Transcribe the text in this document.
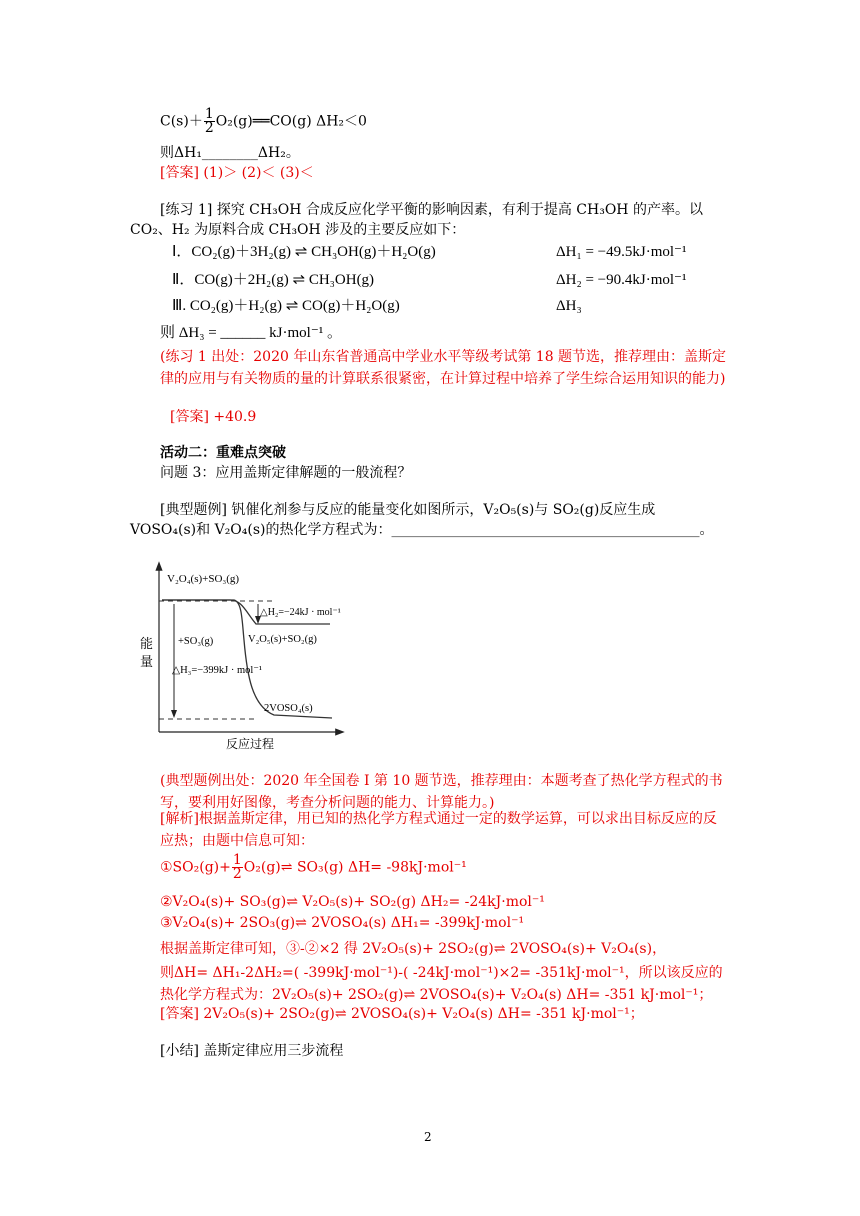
$C(s)+ \frac{1}{2}$ O₂(g)══CO(g) ΔH₂＜0
则ΔH₁________ΔH₂。
[答案] (1)＞ (2)＜ (3)＜
[练习 1] 探究 CH₃OH 合成反应化学平衡的影响因素，有利于提高 CH₃OH 的产率。以
CO₂、H₂ 为原料合成 CH₃OH 涉及的主要反应如下：
Ⅰ．CO₂(g)＋3H₂(g) ⇌ CH₃OH(g)＋H₂O(g)	ΔH₁ = −49.5kJ·mol⁻¹
Ⅱ．CO(g)＋2H₂(g) ⇌ CH₃OH(g)	ΔH₂ = −90.4kJ·mol⁻¹
Ⅲ. CO₂(g)＋H₂(g) ⇌ CO(g)＋H₂O(g)	ΔH₃
则 ΔH₃ = ______ kJ·mol⁻¹ 。
(练习 1 出处：2020 年山东省普通高中学业水平等级考试第 18 题节选，推荐理由：盖斯定律的应用与有关物质的量的计算联系很紧密，在计算过程中培养了学生综合运用知识的能力)
[答案] +40.9
活动二：重难点突破
问题 3：应用盖斯定律解题的一般流程？
[典型题例] 钒催化剂参与反应的能量变化如图所示，V₂O₅(s)与 SO₂(g)反应生成
VOSO₄(s)和 V₂O₄(s)的热化学方程式为：____________________________________________。
V₂O₄(s)+SO₃(g)
△H₂=−24kJ · mol⁻¹
V₂O₅(s)+SO₂(g)
+SO₃(g)
△H₃=−399kJ · mol⁻¹
2VOSO₄(s)
能
量
反应过程
(典型题例出处：2020 年全国卷 I 第 10 题节选，推荐理由：本题考查了热化学方程式的书写，要利用好图像，考查分析问题的能力、计算能力。)
[解析]根据盖斯定律，用已知的热化学方程式通过一定的数学运算，可以求出目标反应的反应热；由题中信息可知：
①SO₂(g)+ $\frac{1}{2}$ O₂(g)⇌ SO₃(g) ΔH= -98kJ·mol⁻¹
②V₂O₄(s)+ SO₃(g)⇌ V₂O₅(s)+ SO₂(g) ΔH₂= -24kJ·mol⁻¹
③V₂O₄(s)+ 2SO₃(g)⇌ 2VOSO₄(s) ΔH₁= -399kJ·mol⁻¹
根据盖斯定律可知，③-②×2 得 2V₂O₅(s)+ 2SO₂(g)⇌ 2VOSO₄(s)+ V₂O₄(s)，
则ΔH= ΔH₁-2ΔH₂=( -399kJ·mol⁻¹)-( -24kJ·mol⁻¹)×2= -351kJ·mol⁻¹，所以该反应的热化学方程式为：2V₂O₅(s)+ 2SO₂(g)⇌ 2VOSO₄(s)+ V₂O₄(s) ΔH= -351 kJ·mol⁻¹；
[答案] 2V₂O₅(s)+ 2SO₂(g)⇌ 2VOSO₄(s)+ V₂O₄(s) ΔH= -351 kJ·mol⁻¹；
[小结] 盖斯定律应用三步流程
2
